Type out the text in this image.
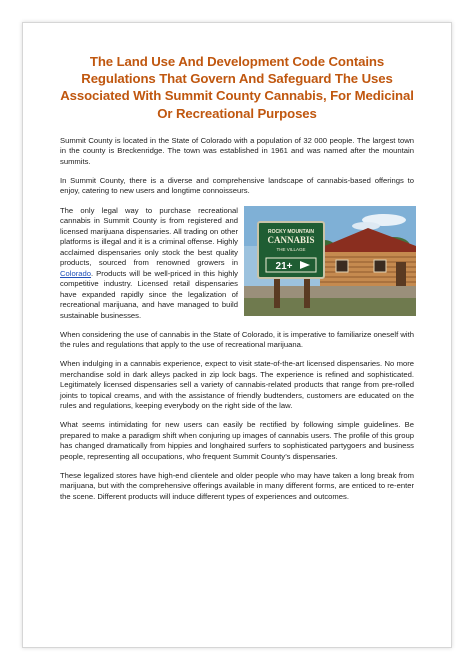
The Land Use And Development Code Contains Regulations That Govern And Safeguard The Uses Associated With Summit County Cannabis, For Medicinal Or Recreational Purposes

Summit County is located in the State of Colorado with a population of 32 000 people. The largest town in the county is Breckenridge. The town was established in 1961 and was named after the mountain summits.

In Summit County, there is a diverse and comprehensive landscape of cannabis-based offerings to enjoy, catering to new users and longtime connoisseurs.

ROCKY MOUNTAIN
CANNABIS
THE VILLAGE
21+

The only legal way to purchase recreational cannabis in Summit County is from registered and licensed marijuana dispensaries. All trading on other platforms is illegal and it is a criminal offense. Highly acclaimed dispensaries only stock the best quality products, sourced from renowned growers in Colorado. Products will be well-priced in this highly competitive industry. Licensed retail dispensaries have expanded rapidly since the legalization of recreational marijuana, and have managed to build sustainable businesses.

When considering the use of cannabis in the State of Colorado, it is imperative to familiarize oneself with the rules and regulations that apply to the use of recreational marijuana.

When indulging in a cannabis experience, expect to visit state-of-the-art licensed dispensaries. No more merchandise sold in dark alleys packed in zip lock bags. The experience is refined and sophisticated. Legitimately licensed dispensaries sell a variety of cannabis-related products that range from pre-rolled joints to topical creams, and with the assistance of friendly budtenders, customers are educated on the rules and regulations, keeping everybody on the right side of the law.

What seems intimidating for new users can easily be rectified by following simple guidelines. Be prepared to make a paradigm shift when conjuring up images of cannabis users. The profile of this group has changed dramatically from hippies and longhaired surfers to sophisticated partygoers and business people, representing all occupations, who frequent Summit County’s dispensaries.

These legalized stores have high-end clientele and older people who may have taken a long break from marijuana, but with the comprehensive offerings available in many different forms, are enticed to re-enter the scene. Different products will induce different types of experiences and outcomes.
